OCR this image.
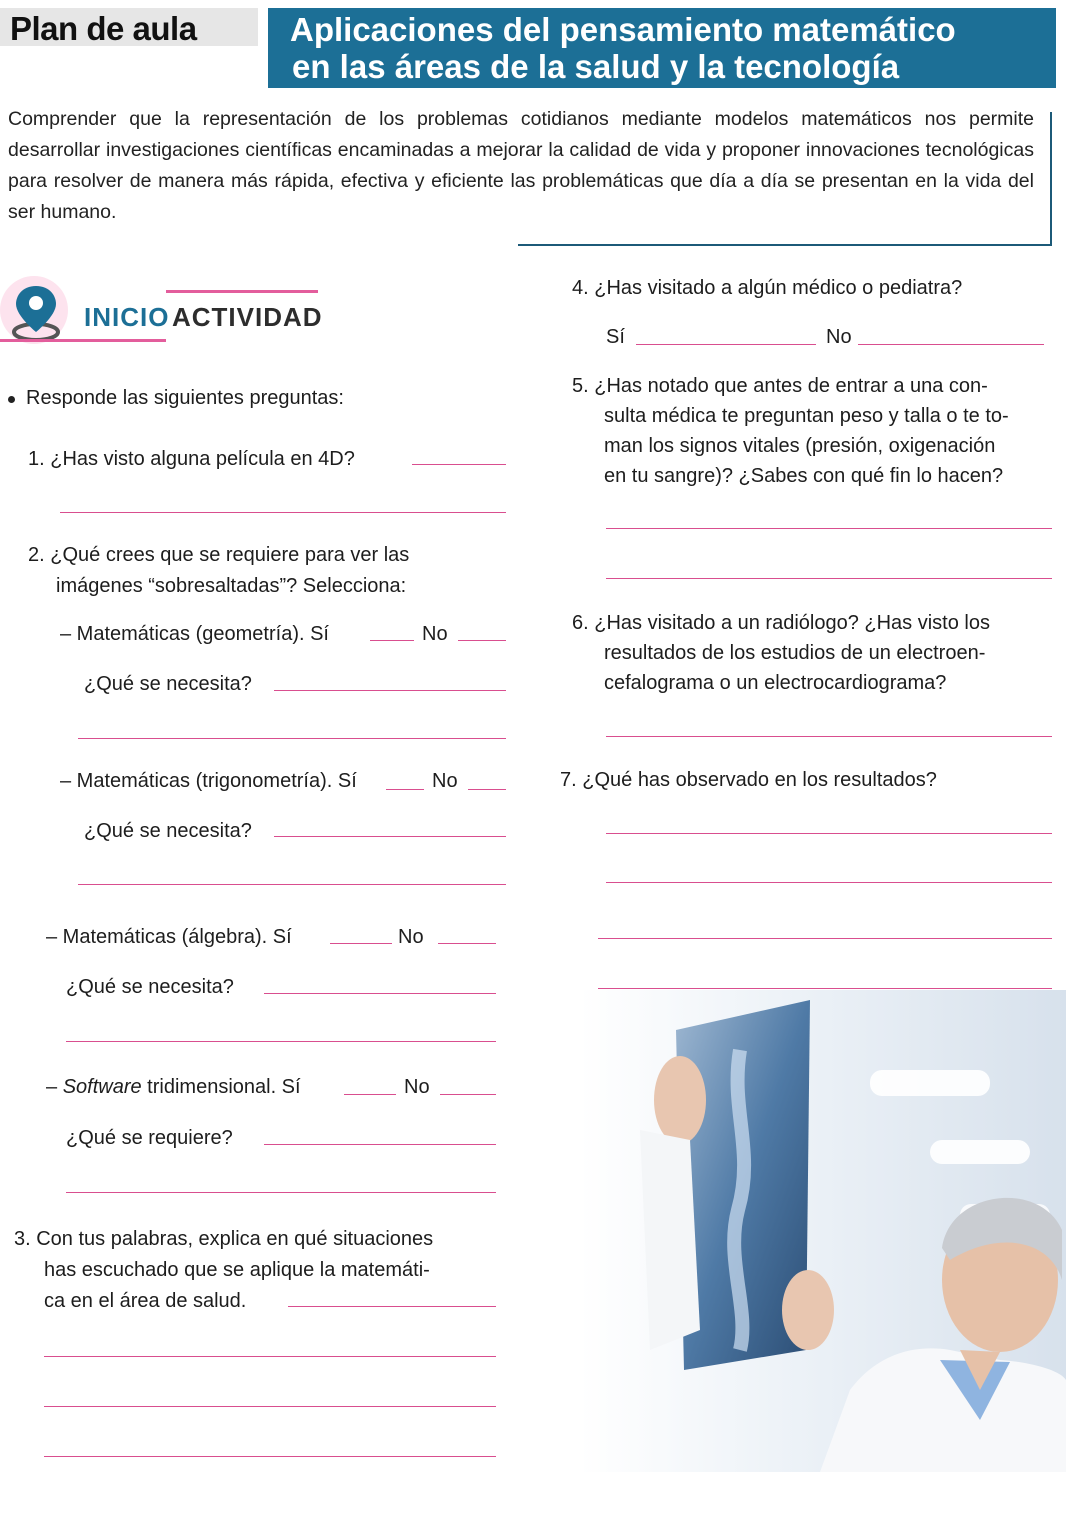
Plan de aula	Aplicaciones del pensamiento matemático
en las áreas de la salud y la tecnología
Comprender que la representación de los problemas cotidianos mediante modelos matemáticos nos permite desarrollar investigaciones científicas encaminadas a mejorar la calidad de vida y proponer innovaciones tecnológicas para resolver de manera más rápida, efectiva y eficiente las problemáticas que día a día se presentan en la vida del ser humano.
INICIO ACTIVIDAD
Responde las siguientes preguntas:
1. ¿Has visto alguna película en 4D?
2. ¿Qué crees que se requiere para ver las
imágenes “sobresaltadas”? Selecciona:
– Matemáticas (geometría). Sí	No
¿Qué se necesita?
– Matemáticas (trigonometría). Sí	No
¿Qué se necesita?
– Matemáticas (álgebra). Sí	No
¿Qué se necesita?
– Software tridimensional. Sí	No
¿Qué se requiere?
3. Con tus palabras, explica en qué situaciones
has escuchado que se aplique la matemáti-
ca en el área de salud.
4. ¿Has visitado a algún médico o pediatra?
Sí	No
5. ¿Has notado que antes de entrar a una con-
sulta médica te preguntan peso y talla o te to-
man los signos vitales (presión, oxigenación
en tu sangre)? ¿Sabes con qué fin lo hacen?
6. ¿Has visitado a un radiólogo? ¿Has visto los
resultados de los estudios de un electroen-
cefalograma o un electrocardiograma?
7. ¿Qué has observado en los resultados?
